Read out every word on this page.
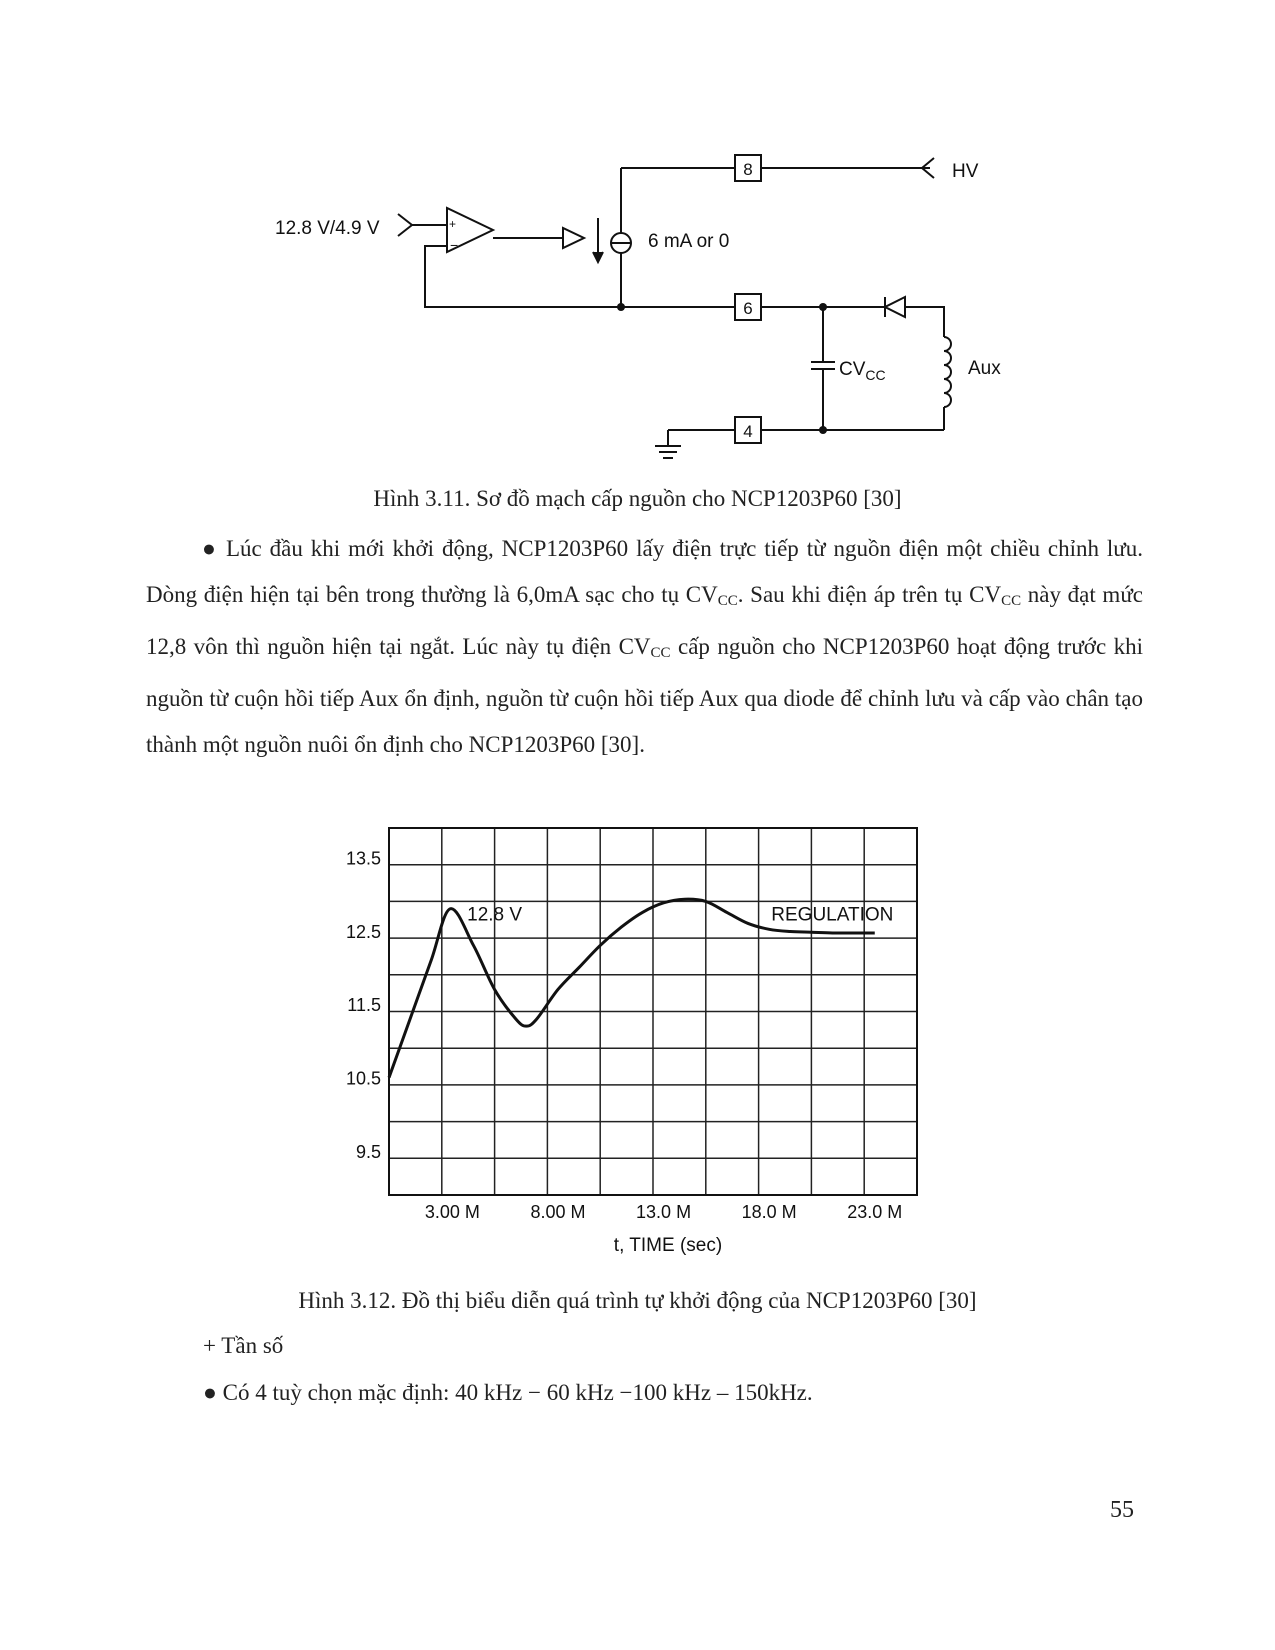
12.8 V/4.9 V	+
−	6 mA or 0
HV
Aux
$CV_{CC}$
8
6
4
Hình 3.11. Sơ đồ mạch cấp nguồn cho NCP1203P60 [30]
● Lúc đầu khi mới khởi động, NCP1203P60 lấy điện trực tiếp từ nguồn điện một chiều chỉnh lưu. Dòng điện hiện tại bên trong thường là 6,0mA sạc cho tụ $CV_{CC}$. Sau khi điện áp trên tụ $CV_{CC}$ này đạt mức 12,8 vôn thì nguồn hiện tại ngắt. Lúc này tụ điện $CV_{CC}$ cấp nguồn cho NCP1203P60 hoạt động trước khi nguồn từ cuộn hồi tiếp Aux ổn định, nguồn từ cuộn hồi tiếp Aux qua diode để chỉnh lưu và cấp vào chân tạo thành một nguồn nuôi ổn định cho NCP1203P60 [30].
13.5
12.5
11.5
10.5
9.5
3.00 M	8.00 M	13.0 M	18.0 M	23.0 M
t, TIME (sec)
12.8 V	REGULATION
Hình 3.12. Đồ thị biểu diễn quá trình tự khởi động của NCP1203P60 [30]
+ Tần số
● Có 4 tuỳ chọn mặc định: 40 kHz − 60 kHz −100 kHz – 150kHz.
55
